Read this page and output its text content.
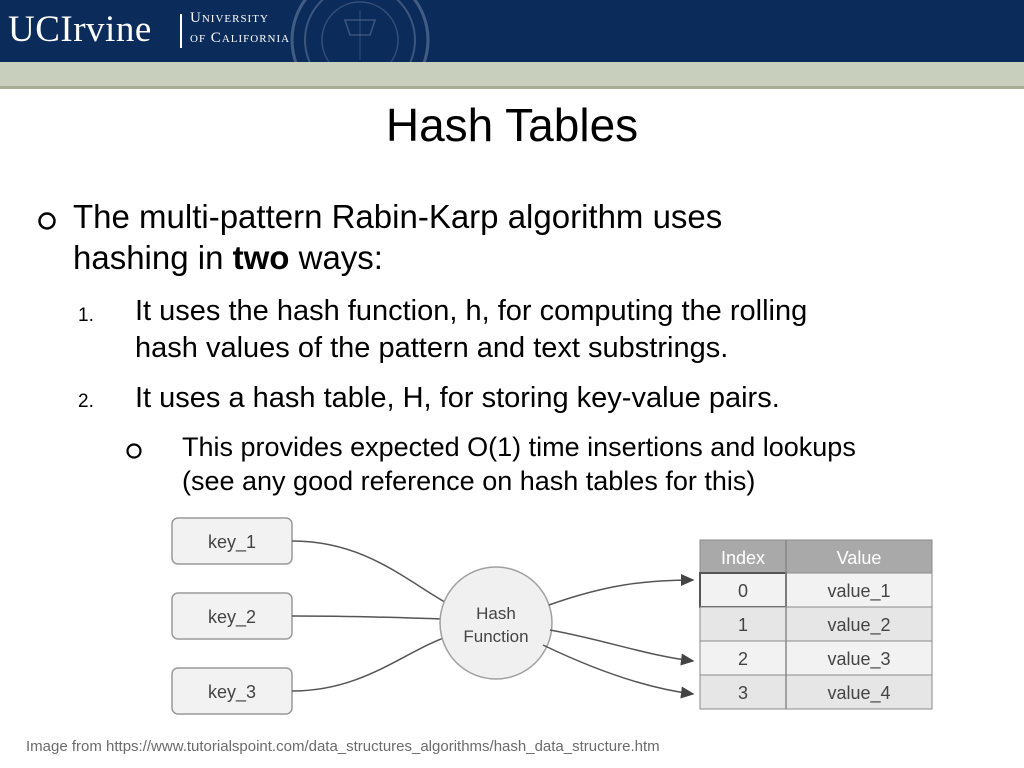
UCIrvine	University
of California
Hash Tables
The multi-pattern Rabin-Karp algorithm uses
hashing in two ways:
1. It uses the hash function, h, for computing the rolling
hash values of the pattern and text substrings.
2. It uses a hash table, H, for storing key-value pairs.
This provides expected O(1) time insertions and lookups
(see any good reference on hash tables for this)
key_1
key_2
key_3
Hash
Function
Index	Value
0	value_1
1	value_2
2	value_3
3	value_4
Image from https://www.tutorialspoint.com/data_structures_algorithms/hash_data_structure.htm
